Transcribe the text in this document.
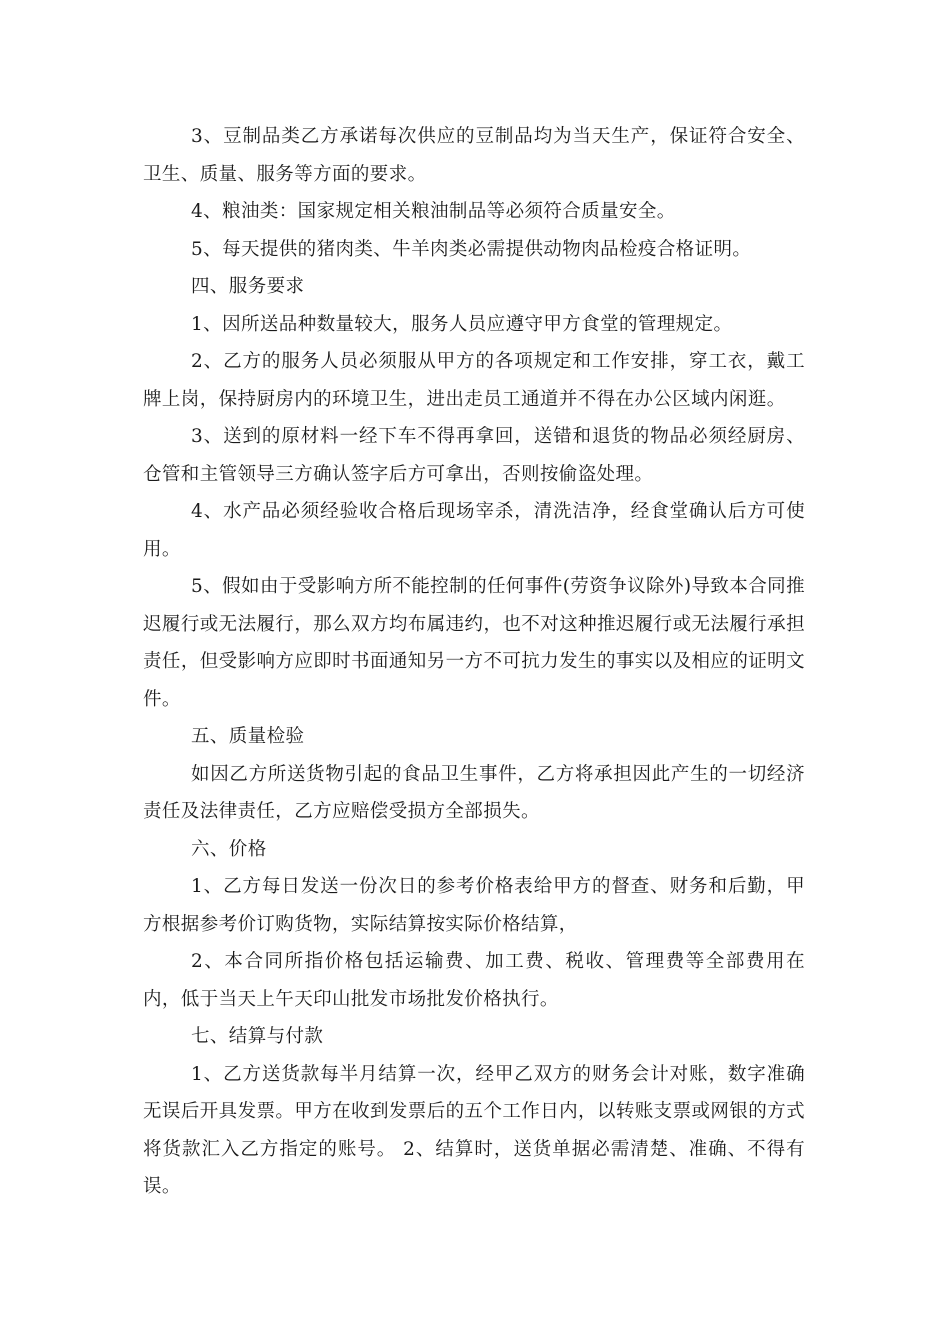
3、豆制品类乙方承诺每次供应的豆制品均为当天生产，保证符合安全、卫生、质量、服务等方面的要求。

4、粮油类：国家规定相关粮油制品等必须符合质量安全。

5、每天提供的猪肉类、牛羊肉类必需提供动物肉品检疫合格证明。

四、服务要求

1、因所送品种数量较大，服务人员应遵守甲方食堂的管理规定。

2、乙方的服务人员必须服从甲方的各项规定和工作安排，穿工衣，戴工牌上岗，保持厨房内的环境卫生，进出走员工通道并不得在办公区域内闲逛。

3、送到的原材料一经下车不得再拿回，送错和退货的物品必须经厨房、仓管和主管领导三方确认签字后方可拿出，否则按偷盗处理。

4、水产品必须经验收合格后现场宰杀，清洗洁净，经食堂确认后方可使用。

5、假如由于受影响方所不能控制的任何事件(劳资争议除外)导致本合同推迟履行或无法履行，那么双方均布属违约，也不对这种推迟履行或无法履行承担责任，但受影响方应即时书面通知另一方不可抗力发生的事实以及相应的证明文件。

五、质量检验

如因乙方所送货物引起的食品卫生事件，乙方将承担因此产生的一切经济责任及法律责任，乙方应赔偿受损方全部损失。

六、价格

1、乙方每日发送一份次日的参考价格表给甲方的督查、财务和后勤，甲方根据参考价订购货物，实际结算按实际价格结算，

2、本合同所指价格包括运输费、加工费、税收、管理费等全部费用在内，低于当天上午天印山批发市场批发价格执行。

七、结算与付款

1、乙方送货款每半月结算一次，经甲乙双方的财务会计对账，数字准确无误后开具发票。甲方在收到发票后的五个工作日内，以转账支票或网银的方式将货款汇入乙方指定的账号。 2、结算时，送货单据必需清楚、准确、不得有误。
